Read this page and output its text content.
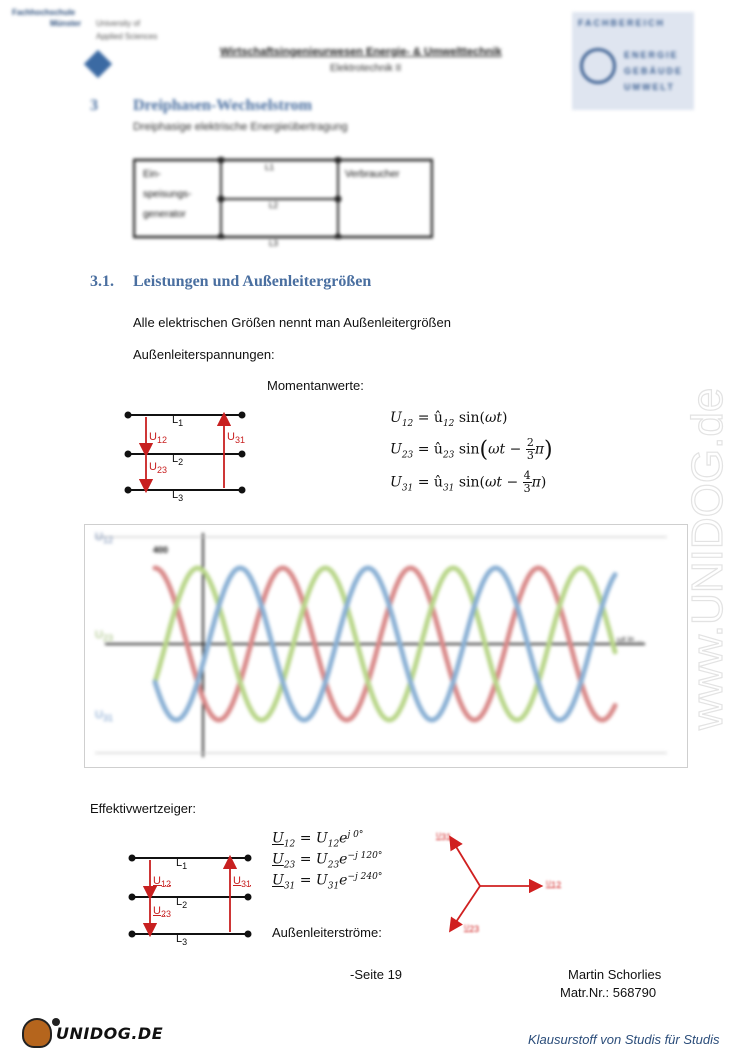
Fachhochschule
Münster University of
Applied Sciences
Wirtschaftsingenieurwesen Energie- & Umwelttechnik
Elektrotechnik II
FACHBEREICH
ENERGIE
GEBÄUDE
UMWELT
3 Dreiphasen-Wechselstrom
Dreiphasige elektrische Energieübertragung
Ein-
speisungs-
generator
Verbraucher
L1
L2
L3
3.1. Leistungen und Außenleitergrößen
Alle elektrischen Größen nennt man Außenleitergrößen
Außenleiterspannungen:
Momentanwerte:
$L_1$
$L_2$
$L_3$
$U_{12}$
$U_{23}$
$U_{31}$
$U_{12}$ = $û_{12}$ sin(ωt)
$U_{23}$ = $û_{23}$ $\sin(\omega t - \frac{2}{3} \pi)$
$U_{31}$ = $û_{31}$ $\sin(\omega t - \frac{4}{3} \pi)$
400
$U_{12}$
$U_{23}$
$U_{31}$
ωt in ...
Effektivwertzeiger:
$L_1$
$L_2$
$L_3$
$U_{12}$
$U_{23}$
$U_{31}$
$U_{12} = U_{12}e^{j 0^\circ}$
$U_{23} = U_{23}e^{-j 120^\circ}$
$U_{31} = U_{31}e^{-j 240^\circ}$
Außenleiterströme:
$U_{31}$
$U_{12}$
$U_{23}$
-Seite 19	Martin Schorlies
Matr.Nr.: 568790
UNIDOG.DE	Klausurstoff von Studis für Studis
www.UNIDOG.de
